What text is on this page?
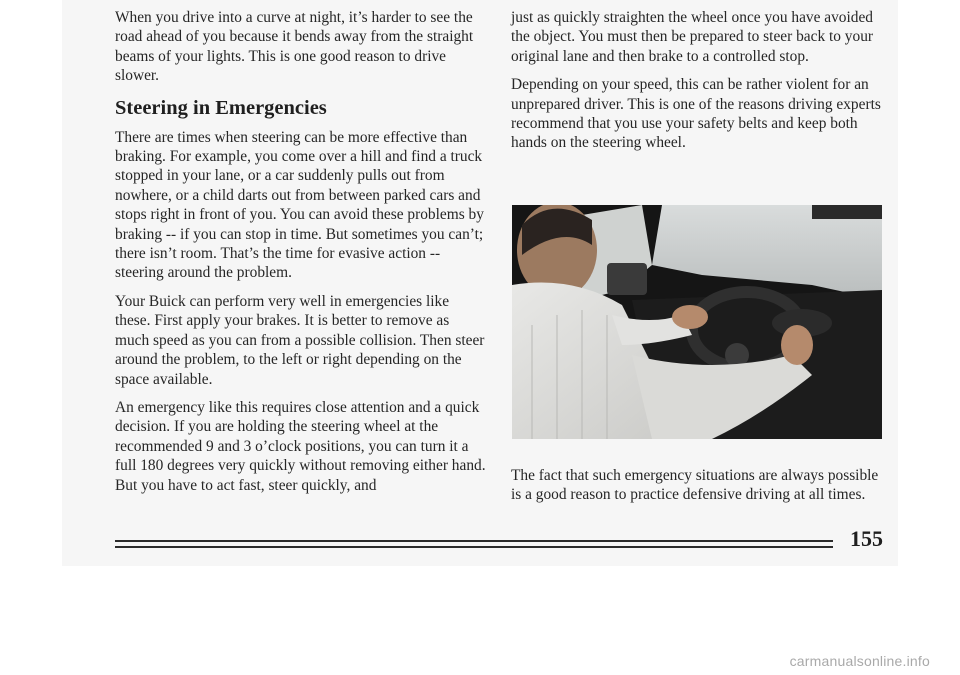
When you drive into a curve at night, it’s harder to see the road ahead of you because it bends away from the straight beams of your lights. This is one good reason to drive slower.

Steering in Emergencies

There are times when steering can be more effective than braking. For example, you come over a hill and find a truck stopped in your lane, or a car suddenly pulls out from nowhere, or a child darts out from between parked cars and stops right in front of you. You can avoid these problems by braking -- if you can stop in time. But sometimes you can’t; there isn’t room. That’s the time for evasive action -- steering around the problem.

Your Buick can perform very well in emergencies like these. First apply your brakes. It is better to remove as much speed as you can from a possible collision. Then steer around the problem, to the left or right depending on the space available.

An emergency like this requires close attention and a quick decision. If you are holding the steering wheel at the recommended 9 and 3 o’clock positions, you can turn it a full 180 degrees very quickly without removing either hand. But you have to act fast, steer quickly, and

just as quickly straighten the wheel once you have avoided the object. You must then be prepared to steer back to your original lane and then brake to a controlled stop.

Depending on your speed, this can be rather violent for an unprepared driver. This is one of the reasons driving experts recommend that you use your safety belts and keep both hands on the steering wheel.

The fact that such emergency situations are always possible is a good reason to practice defensive driving at all times.
155
carmanualsonline.info
